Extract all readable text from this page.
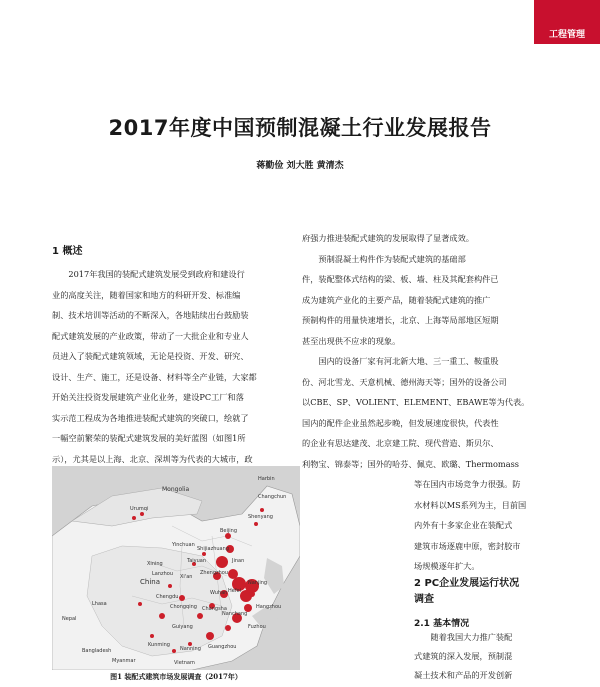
工程管理
2017年度中国预制混凝土行业发展报告
蒋勤俭 刘大胜 黄清杰
1 概述
2017年我国的装配式建筑发展受到政府和建设行
业的高度关注，随着国家和地方的科研开发、标准编
制、技术培训等活动的不断深入，各地陆续出台鼓励装
配式建筑发展的产业政策，带动了一大批企业和专业人
员进入了装配式建筑领域，无论是投资、开发、研究、
设计、生产、施工，还是设备、材料等全产业链，大家都
开始关注投资发展建筑产业化业务，建设PC工厂和落
实示范工程成为各地推进装配式建筑的突破口，绘就了
一幅空前繁荣的装配式建筑发展的美好蓝图（如图1所
示），尤其是以上海、北京、深圳等为代表的大城市，政
府强力推进装配式建筑的发展取得了显著成效。
预制混凝土构件作为装配式建筑的基础部
件，装配整体式结构的梁、板、墙、柱及其配套构件已
成为建筑产业化的主要产品，随着装配式建筑的推广
预制构件的用量快速增长，北京、上海等局部地区短期
甚至出现供不应求的现象。
国内的设备厂家有河北新大地、三一重工、鞍重股
份、河北雪龙、天意机械、德州海天等；国外的设备公司
以CBE、SP、VOLIENT、ELEMENT、EBAWE等为代表。
国内的配件企业虽然起步晚，但发展速度很快，代表性
的企业有思达建茂、北京建工院、现代营造、斯贝尔、
利物宝、锦泰等；国外的哈芬、佩克、欧璐、Thermomass
等在国内市场竞争力很强。防
水材料以MS系列为主，目前国
内外有十多家企业在装配式
建筑市场逐鹿中原，密封胶市
场规模逐年扩大。
2 PC企业发展运行状况
调查
2.1 基本情况
随着我国大力推广装配
式建筑的深入发展，预制混
凝土技术和产品的开发创新
Mongolia
Urumqi
Harbin
Changchun
Shenyang
Beijing
Shijiazhuang
Taiyuan	Jinan
Yinchuan
Xining
Lanzhou Xi'an
Zhengzhou
Nanjing
Hefei
Wuhan
Chengdu
Chongqing Changsha
Nanchang
Hangzhou
Fuzhou
Guiyang
Kunming
Nanning Guangzhou
China
Nepal
Bangladesh
Myanmar	Vietnam
Lhasa
图1 装配式建筑市场发展调查（2017年）
